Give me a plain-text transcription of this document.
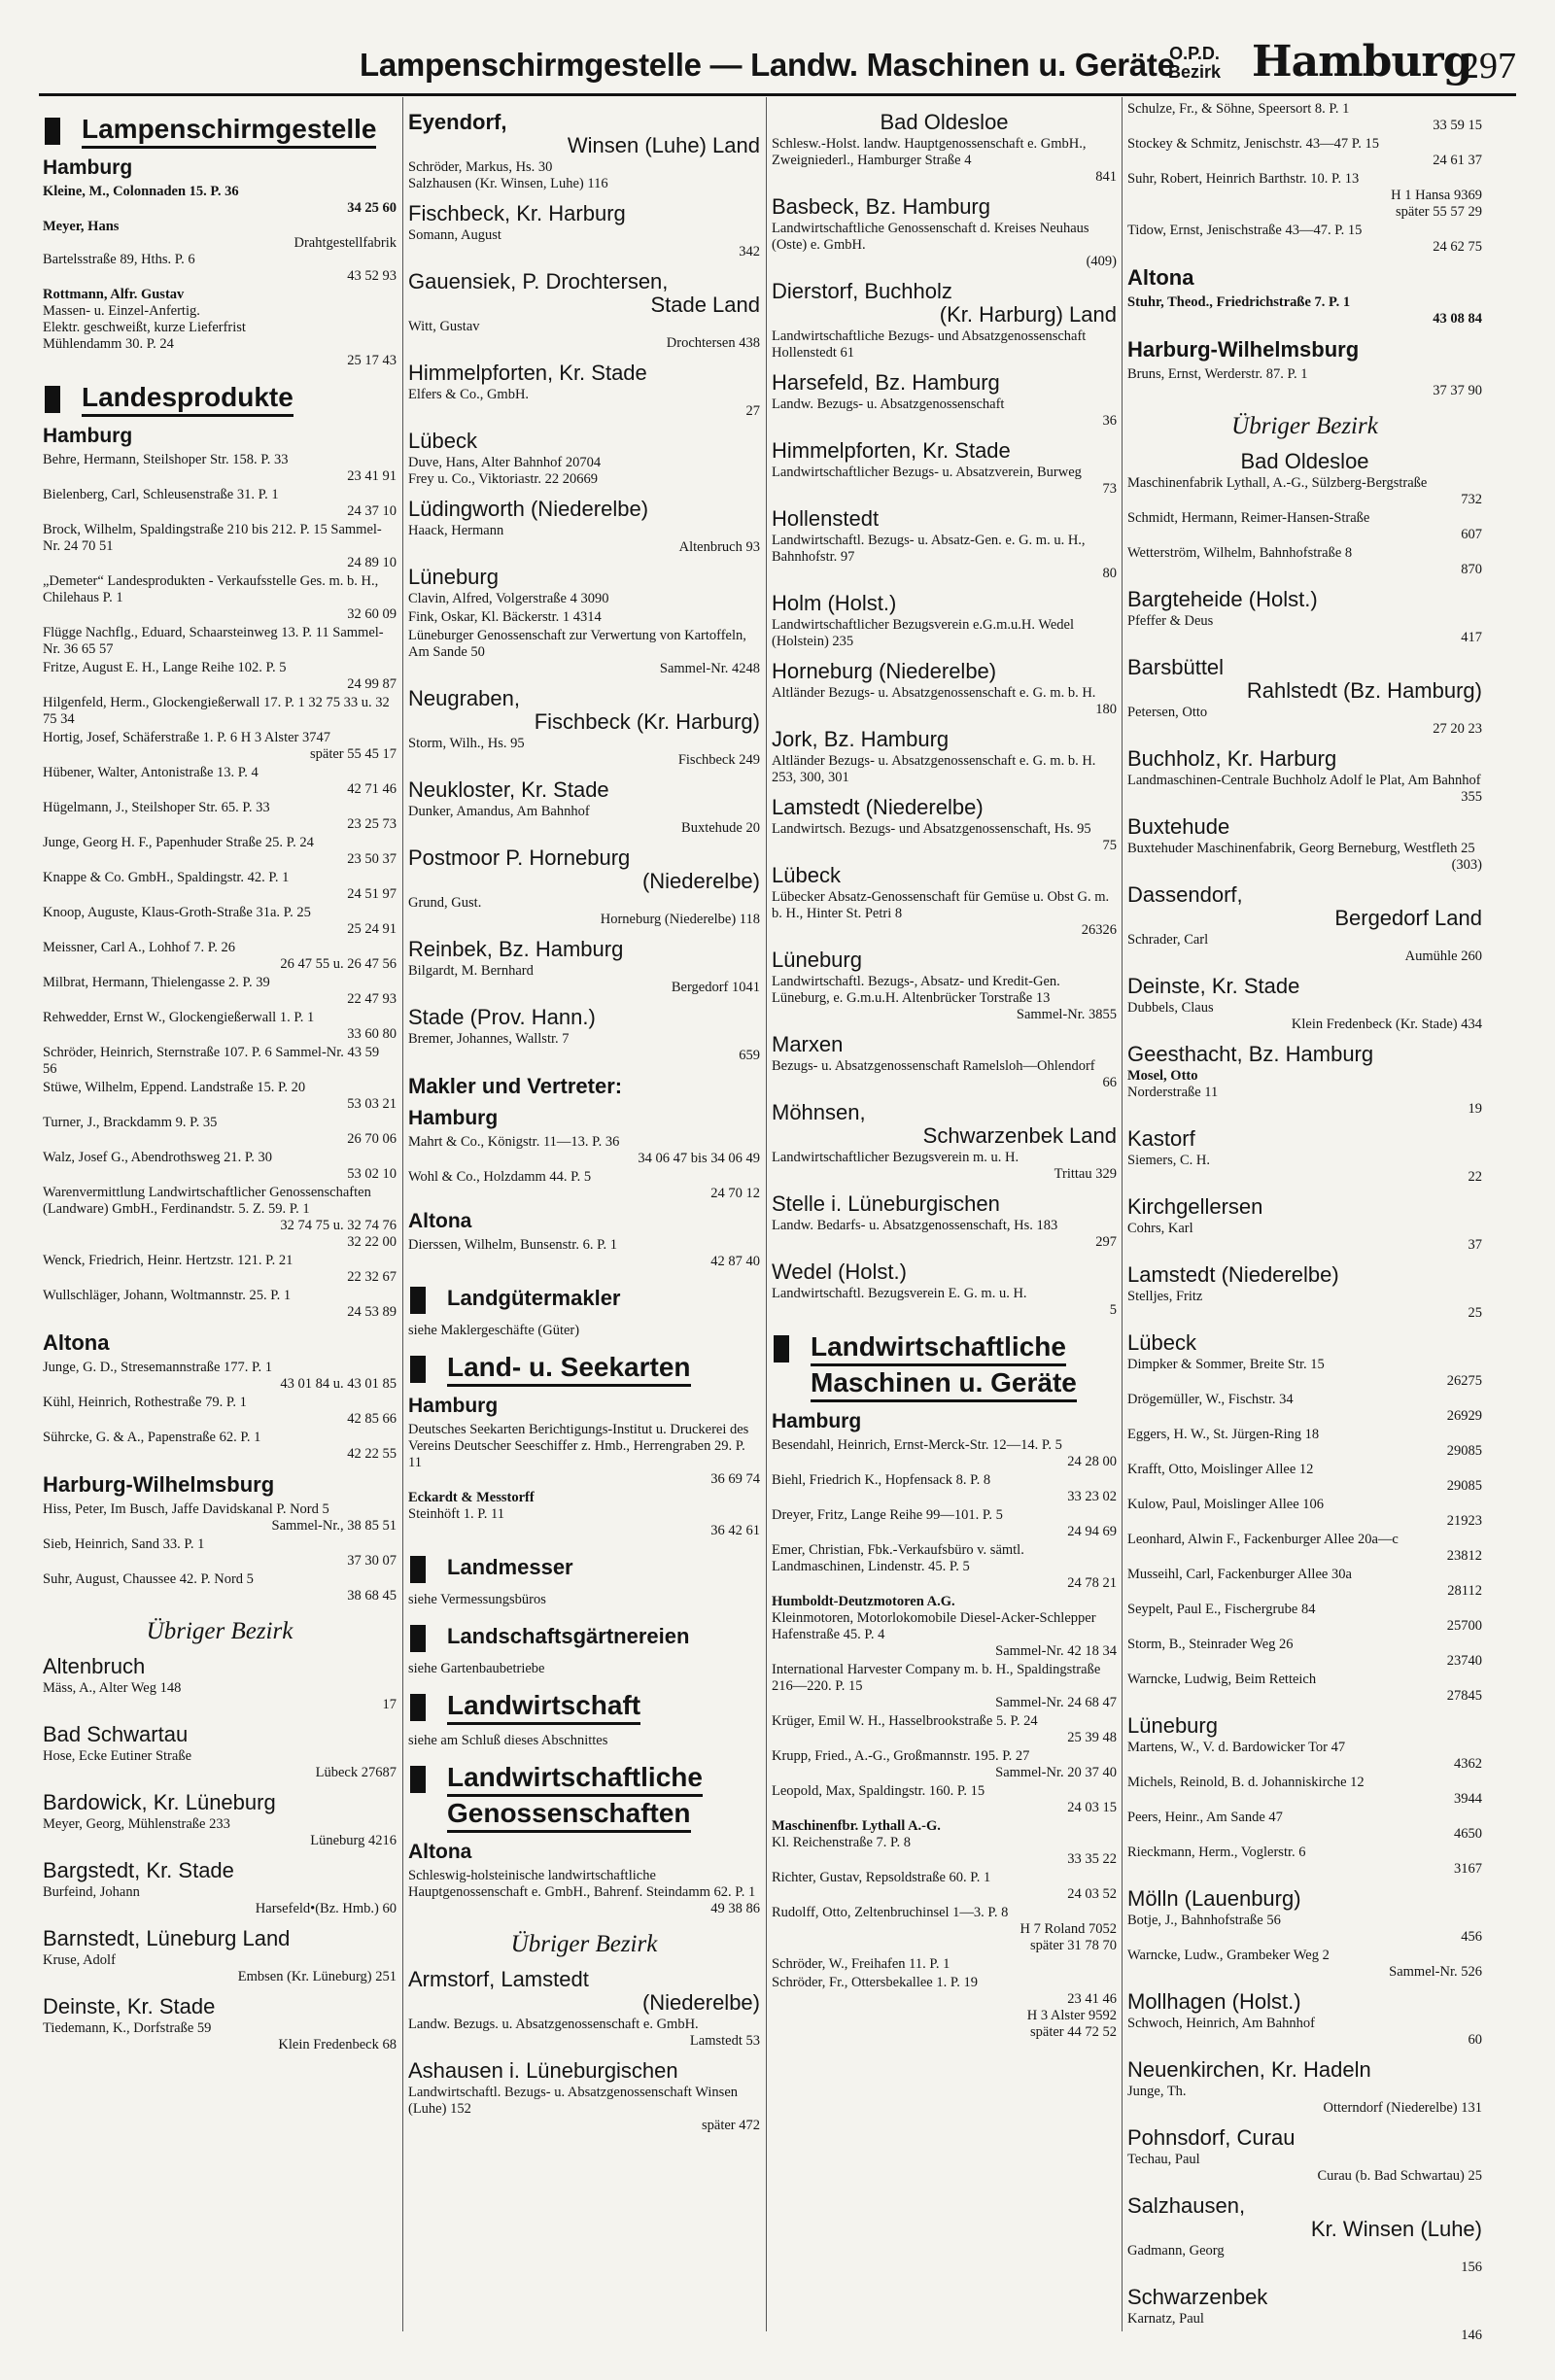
Lampenschirmgestelle — Landw. Maschinen u. Geräte
O.P.D.
Bezirk Hamburg
297
Lampenschirmgestelle
Hamburg
Kleine, M., Colonnaden 15. P. 36
34 25 60
Meyer, Hans
Drahtgestellfabrik
Bartelsstraße 89, Hths. P. 6
43 52 93
Rottmann, Alfr. Gustav
Massen- u. Einzel-Anfertig.
Elektr. geschweißt, kurze Lieferfrist
Mühlendamm 30. P. 24
25 17 43
Landesprodukte
Hamburg
Behre, Hermann, Steilshoper Str. 158. P. 33
23 41 91
Bielenberg, Carl, Schleusenstraße 31. P. 1
24 37 10
Brock, Wilhelm, Spaldingstraße 210 bis 212. P. 15 Sammel-Nr. 24 70 51
24 89 10
„Demeter“ Landesprodukten - Verkaufsstelle Ges. m. b. H., Chilehaus P. 1
32 60 09
Flügge Nachflg., Eduard, Schaarsteinweg 13. P. 11 Sammel-Nr. 36 65 57
Fritze, August E. H., Lange Reihe 102. P. 5
24 99 87
Hilgenfeld, Herm., Glockengießerwall 17. P. 1 32 75 33 u. 32 75 34
Hortig, Josef, Schäferstraße 1. P. 6 H 3 Alster 3747
später 55 45 17
Hübener, Walter, Antonistraße 13. P. 4
42 71 46
Hügelmann, J., Steilshoper Str. 65. P. 33
23 25 73
Junge, Georg H. F., Papenhuder Straße 25. P. 24
23 50 37
Knappe & Co. GmbH., Spaldingstr. 42. P. 1
24 51 97
Knoop, Auguste, Klaus-Groth-Straße 31a. P. 25
25 24 91
Meissner, Carl A., Lohhof 7. P. 26
26 47 55 u. 26 47 56
Milbrat, Hermann, Thielengasse 2. P. 39
22 47 93
Rehwedder, Ernst W., Glockengießerwall 1. P. 1
33 60 80
Schröder, Heinrich, Sternstraße 107. P. 6 Sammel-Nr. 43 59 56
Stüwe, Wilhelm, Eppend. Landstraße 15. P. 20
53 03 21
Turner, J., Brackdamm 9. P. 35
26 70 06
Walz, Josef G., Abendrothsweg 21. P. 30
53 02 10
Warenvermittlung Landwirtschaftlicher Genossenschaften (Landware) GmbH., Ferdinandstr. 5. Z. 59. P. 1
32 74 75 u. 32 74 76
32 22 00
Wenck, Friedrich, Heinr. Hertzstr. 121. P. 21
22 32 67
Wullschläger, Johann, Woltmannstr. 25. P. 1
24 53 89
Altona
Junge, G. D., Stresemannstraße 177. P. 1
43 01 84 u. 43 01 85
Kühl, Heinrich, Rothestraße 79. P. 1
42 85 66
Sührcke, G. & A., Papenstraße 62. P. 1
42 22 55
Harburg-Wilhelmsburg
Hiss, Peter, Im Busch, Jaffe Davidskanal P. Nord 5
Sammel-Nr., 38 85 51
Sieb, Heinrich, Sand 33. P. 1
37 30 07
Suhr, August, Chaussee 42. P. Nord 5
38 68 45
Übriger Bezirk
Altenbruch
Mäss, A., Alter Weg 148
17
Bad Schwartau
Hose, Ecke Eutiner Straße
Lübeck 27687
Bardowick, Kr. Lüneburg
Meyer, Georg, Mühlenstraße 233
Lüneburg 4216
Bargstedt, Kr. Stade
Burfeind, Johann
Harsefeld•(Bz. Hmb.) 60
Barnstedt, Lüneburg Land
Kruse, Adolf
Embsen (Kr. Lüneburg) 251
Deinste, Kr. Stade
Tiedemann, K., Dorfstraße 59
Klein Fredenbeck 68
Eyendorf,
Winsen (Luhe) Land
Schröder, Markus, Hs. 30
Salzhausen (Kr. Winsen, Luhe) 116
Fischbeck, Kr. Harburg
Somann, August
342
Gauensiek, P. Drochtersen,
Stade Land
Witt, Gustav
Drochtersen 438
Himmelpforten, Kr. Stade
Elfers & Co., GmbH.
27
Lübeck
Duve, Hans, Alter Bahnhof 20704
Frey u. Co., Viktoriastr. 22 20669
Lüdingworth (Niederelbe)
Haack, Hermann
Altenbruch 93
Lüneburg
Clavin, Alfred, Volgerstraße 4 3090
Fink, Oskar, Kl. Bäckerstr. 1 4314
Lüneburger Genossenschaft zur Verwertung von Kartoffeln, Am Sande 50
Sammel-Nr. 4248
Neugraben,
Fischbeck (Kr. Harburg)
Storm, Wilh., Hs. 95
Fischbeck 249
Neukloster, Kr. Stade
Dunker, Amandus, Am Bahnhof
Buxtehude 20
Postmoor P. Horneburg
(Niederelbe)
Grund, Gust.
Horneburg (Niederelbe) 118
Reinbek, Bz. Hamburg
Bilgardt, M. Bernhard
Bergedorf 1041
Stade (Prov. Hann.)
Bremer, Johannes, Wallstr. 7
659
Makler und Vertreter:
Hamburg
Mahrt & Co., Königstr. 11—13. P. 36
34 06 47 bis 34 06 49
Wohl & Co., Holzdamm 44. P. 5
24 70 12
Altona
Dierssen, Wilhelm, Bunsenstr. 6. P. 1
42 87 40
Landgütermakler
siehe Maklergeschäfte (Güter)
Land- u. Seekarten
Hamburg
Deutsches Seekarten Berichtigungs-Institut u. Druckerei des Vereins Deutscher Seeschiffer z. Hmb., Herrengraben 29. P. 11
36 69 74
Eckardt & Messtorff
Steinhöft 1. P. 11
36 42 61
Landmesser
siehe Vermessungsbüros
Landschaftsgärtnereien
siehe Gartenbaubetriebe
Landwirtschaft
siehe am Schluß dieses Abschnittes
Landwirtschaftliche
Genossenschaften
Altona
Schleswig-holsteinische landwirtschaftliche Hauptgenossenschaft e. GmbH., Bahrenf. Steindamm 62. P. 1
49 38 86
Übriger Bezirk
Armstorf, Lamstedt
(Niederelbe)
Landw. Bezugs. u. Absatzgenossenschaft e. GmbH.
Lamstedt 53
Ashausen i. Lüneburgischen
Landwirtschaftl. Bezugs- u. Absatzgenossenschaft Winsen (Luhe) 152
später 472
Bad Oldesloe
Schlesw.-Holst. landw. Hauptgenossenschaft e. GmbH., Zweigniederl., Hamburger Straße 4
841
Basbeck, Bz. Hamburg
Landwirtschaftliche Genossenschaft d. Kreises Neuhaus (Oste) e. GmbH.
(409)
Dierstorf, Buchholz
(Kr. Harburg) Land
Landwirtschaftliche Bezugs- und Absatzgenossenschaft Hollenstedt 61
Harsefeld, Bz. Hamburg
Landw. Bezugs- u. Absatzgenossenschaft
36
Himmelpforten, Kr. Stade
Landwirtschaftlicher Bezugs- u. Absatzverein, Burweg
73
Hollenstedt
Landwirtschaftl. Bezugs- u. Absatz-Gen. e. G. m. u. H., Bahnhofstr. 97
80
Holm (Holst.)
Landwirtschaftlicher Bezugsverein e.G.m.u.H. Wedel (Holstein) 235
Horneburg (Niederelbe)
Altländer Bezugs- u. Absatzgenossenschaft e. G. m. b. H.
180
Jork, Bz. Hamburg
Altländer Bezugs- u. Absatzgenossenschaft e. G. m. b. H. 253, 300, 301
Lamstedt (Niederelbe)
Landwirtsch. Bezugs- und Absatzgenossenschaft, Hs. 95
75
Lübeck
Lübecker Absatz-Genossenschaft für Gemüse u. Obst G. m. b. H., Hinter St. Petri 8
26326
Lüneburg
Landwirtschaftl. Bezugs-, Absatz- und Kredit-Gen. Lüneburg, e. G.m.u.H. Altenbrücker Torstraße 13
Sammel-Nr. 3855
Marxen
Bezugs- u. Absatzgenossenschaft Ramelsloh—Ohlendorf
66
Möhnsen,
Schwarzenbek Land
Landwirtschaftlicher Bezugsverein m. u. H.
Trittau 329
Stelle i. Lüneburgischen
Landw. Bedarfs- u. Absatzgenossenschaft, Hs. 183
297
Wedel (Holst.)
Landwirtschaftl. Bezugsverein E. G. m. u. H.
5
Landwirtschaftliche
Maschinen u. Geräte
Hamburg
Besendahl, Heinrich, Ernst-Merck-Str. 12—14. P. 5
24 28 00
Biehl, Friedrich K., Hopfensack 8. P. 8
33 23 02
Dreyer, Fritz, Lange Reihe 99—101. P. 5
24 94 69
Emer, Christian, Fbk.-Verkaufsbüro v. sämtl. Landmaschinen, Lindenstr. 45. P. 5
24 78 21
Humboldt-Deutzmotoren A.G.
Kleinmotoren, Motorlokomobile Diesel-Acker-Schlepper Hafenstraße 45. P. 4
Sammel-Nr. 42 18 34
International Harvester Company m. b. H., Spaldingstraße 216—220. P. 15
Sammel-Nr. 24 68 47
Krüger, Emil W. H., Hasselbrookstraße 5. P. 24
25 39 48
Krupp, Fried., A.-G., Großmannstr. 195. P. 27
Sammel-Nr. 20 37 40
Leopold, Max, Spaldingstr. 160. P. 15
24 03 15
Maschinenfbr. Lythall A.-G.
Kl. Reichenstraße 7. P. 8
33 35 22
Richter, Gustav, Repsoldstraße 60. P. 1
24 03 52
Rudolff, Otto, Zeltenbruchinsel 1—3. P. 8
H 7 Roland 7052
später 31 78 70
Schröder, W., Freihafen 11. P. 1
Schröder, Fr., Ottersbekallee 1. P. 19
23 41 46
H 3 Alster 9592
später 44 72 52
Schulze, Fr., & Söhne, Speersort 8. P. 1
33 59 15
Stockey & Schmitz, Jenischstr. 43—47 P. 15
24 61 37
Suhr, Robert, Heinrich Barthstr. 10. P. 13
H 1 Hansa 9369
später 55 57 29
Tidow, Ernst, Jenischstraße 43—47. P. 15
24 62 75
Altona
Stuhr, Theod., Friedrichstraße 7. P. 1
43 08 84
Harburg-Wilhelmsburg
Bruns, Ernst, Werderstr. 87. P. 1
37 37 90
Übriger Bezirk
Bad Oldesloe
Maschinenfabrik Lythall, A.-G., Sülzberg-Bergstraße
732
Schmidt, Hermann, Reimer-Hansen-Straße
607
Wetterström, Wilhelm, Bahnhofstraße 8
870
Bargteheide (Holst.)
Pfeffer & Deus
417
Barsbüttel
Rahlstedt (Bz. Hamburg)
Petersen, Otto
27 20 23
Buchholz, Kr. Harburg
Landmaschinen-Centrale Buchholz Adolf le Plat, Am Bahnhof
355
Buxtehude
Buxtehuder Maschinenfabrik, Georg Berneburg, Westfleth 25
(303)
Dassendorf,
Bergedorf Land
Schrader, Carl
Aumühle 260
Deinste, Kr. Stade
Dubbels, Claus
Klein Fredenbeck (Kr. Stade) 434
Geesthacht, Bz. Hamburg
Mosel, Otto
Norderstraße 11
19
Kastorf
Siemers, C. H.
22
Kirchgellersen
Cohrs, Karl
37
Lamstedt (Niederelbe)
Stelljes, Fritz
25
Lübeck
Dimpker & Sommer, Breite Str. 15
26275
Drögemüller, W., Fischstr. 34
26929
Eggers, H. W., St. Jürgen-Ring 18
29085
Krafft, Otto, Moislinger Allee 12
29085
Kulow, Paul, Moislinger Allee 106
21923
Leonhard, Alwin F., Fackenburger Allee 20a—c
23812
Musseihl, Carl, Fackenburger Allee 30a
28112
Seypelt, Paul E., Fischergrube 84
25700
Storm, B., Steinrader Weg 26
23740
Warncke, Ludwig, Beim Retteich
27845
Lüneburg
Martens, W., V. d. Bardowicker Tor 47
4362
Michels, Reinold, B. d. Johanniskirche 12
3944
Peers, Heinr., Am Sande 47
4650
Rieckmann, Herm., Voglerstr. 6
3167
Mölln (Lauenburg)
Botje, J., Bahnhofstraße 56
456
Warncke, Ludw., Grambeker Weg 2
Sammel-Nr. 526
Mollhagen (Holst.)
Schwoch, Heinrich, Am Bahnhof
60
Neuenkirchen, Kr. Hadeln
Junge, Th.
Otterndorf (Niederelbe) 131
Pohnsdorf, Curau
Techau, Paul
Curau (b. Bad Schwartau) 25
Salzhausen,
Kr. Winsen (Luhe)
Gadmann, Georg
156
Schwarzenbek
Karnatz, Paul
146
